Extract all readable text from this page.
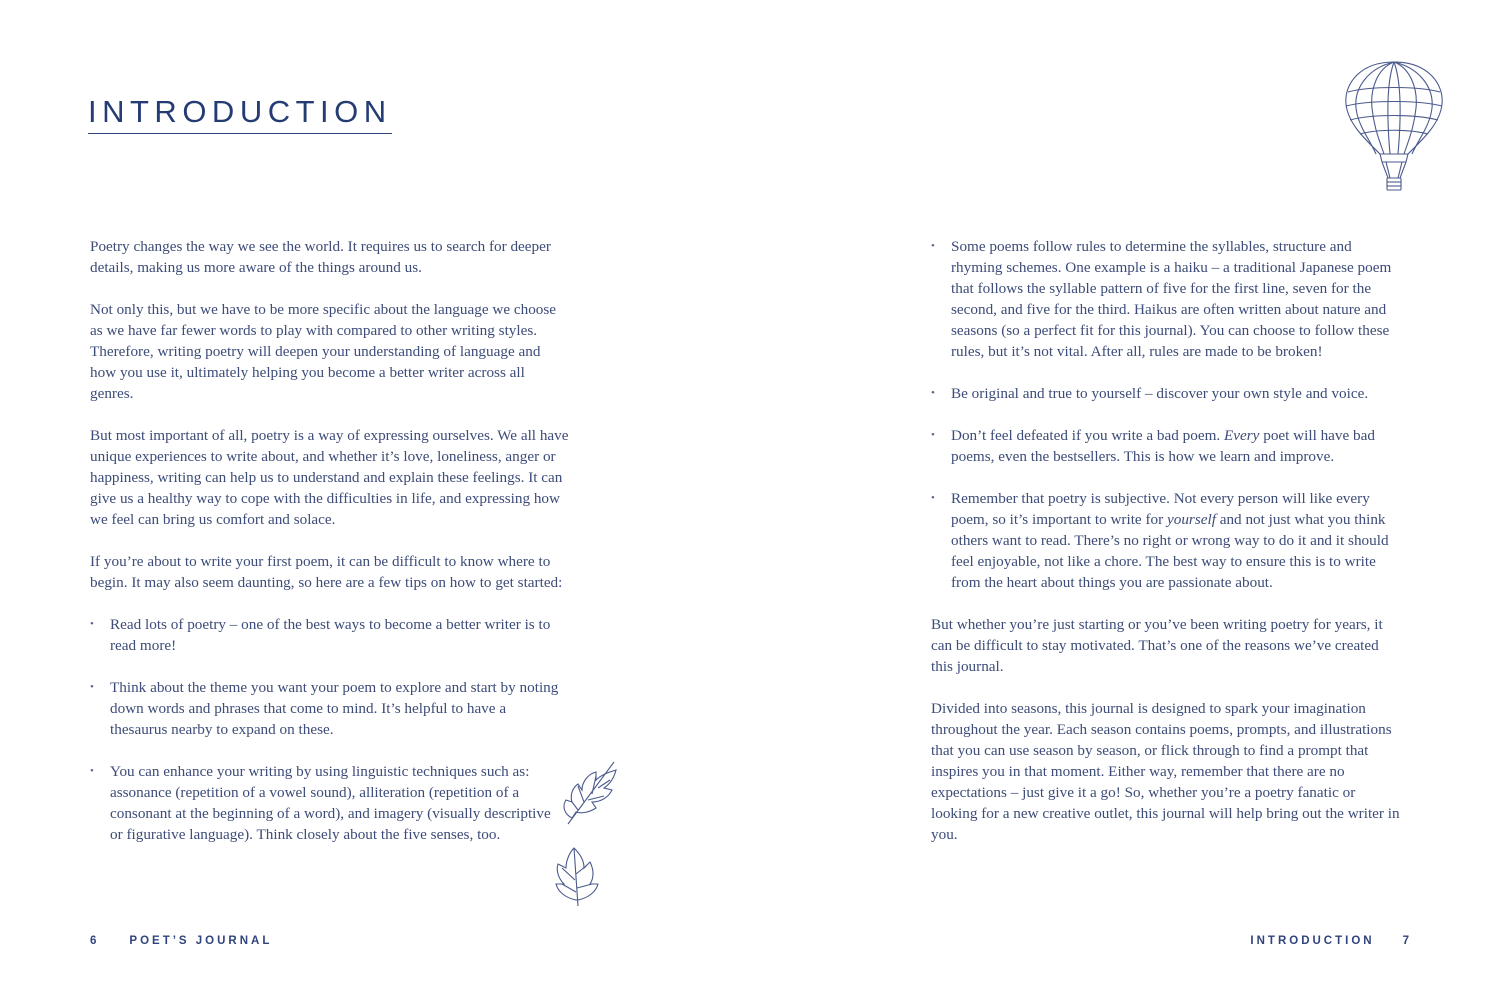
INTRODUCTION

Poetry changes the way we see the world. It requires us to search for deeper details, making us more aware of the things around us.

Not only this, but we have to be more specific about the language we choose as we have far fewer words to play with compared to other writing styles. Therefore, writing poetry will deepen your understanding of language and how you use it, ultimately helping you become a better writer across all genres.

But most important of all, poetry is a way of expressing ourselves. We all have unique experiences to write about, and whether it’s love, loneliness, anger or happiness, writing can help us to understand and explain these feelings. It can give us a healthy way to cope with the difficulties in life, and expressing how we feel can bring us comfort and solace.

If you’re about to write your first poem, it can be difficult to know where to begin. It may also seem daunting, so here are a few tips on how to get started:

• Read lots of poetry – one of the best ways to become a better writer is to read more!
• Think about the theme you want your poem to explore and start by noting down words and phrases that come to mind. It’s helpful to have a thesaurus nearby to expand on these.
• You can enhance your writing by using linguistic techniques such as: assonance (repetition of a vowel sound), alliteration (repetition of a consonant at the beginning of a word), and imagery (visually descriptive or figurative language). Think closely about the five senses, too.
• Some poems follow rules to determine the syllables, structure and rhyming schemes. One example is a haiku – a traditional Japanese poem that follows the syllable pattern of five for the first line, seven for the second, and five for the third. Haikus are often written about nature and seasons (so a perfect fit for this journal). You can choose to follow these rules, but it’s not vital. After all, rules are made to be broken!
• Be original and true to yourself – discover your own style and voice.
• Don’t feel defeated if you write a bad poem. Every poet will have bad poems, even the bestsellers. This is how we learn and improve.
• Remember that poetry is subjective. Not every person will like every poem, so it’s important to write for yourself and not just what you think others want to read. There’s no right or wrong way to do it and it should feel enjoyable, not like a chore. The best way to ensure this is to write from the heart about things you are passionate about.

But whether you’re just starting or you’ve been writing poetry for years, it can be difficult to stay motivated. That’s one of the reasons we’ve created this journal.

Divided into seasons, this journal is designed to spark your imagination throughout the year. Each season contains poems, prompts, and illustrations that you can use season by season, or flick through to find a prompt that inspires you in that moment. Either way, remember that there are no expectations – just give it a go! So, whether you’re a poetry fanatic or looking for a new creative outlet, this journal will help bring out the writer in you.

6	POET’S JOURNAL	INTRODUCTION 7
